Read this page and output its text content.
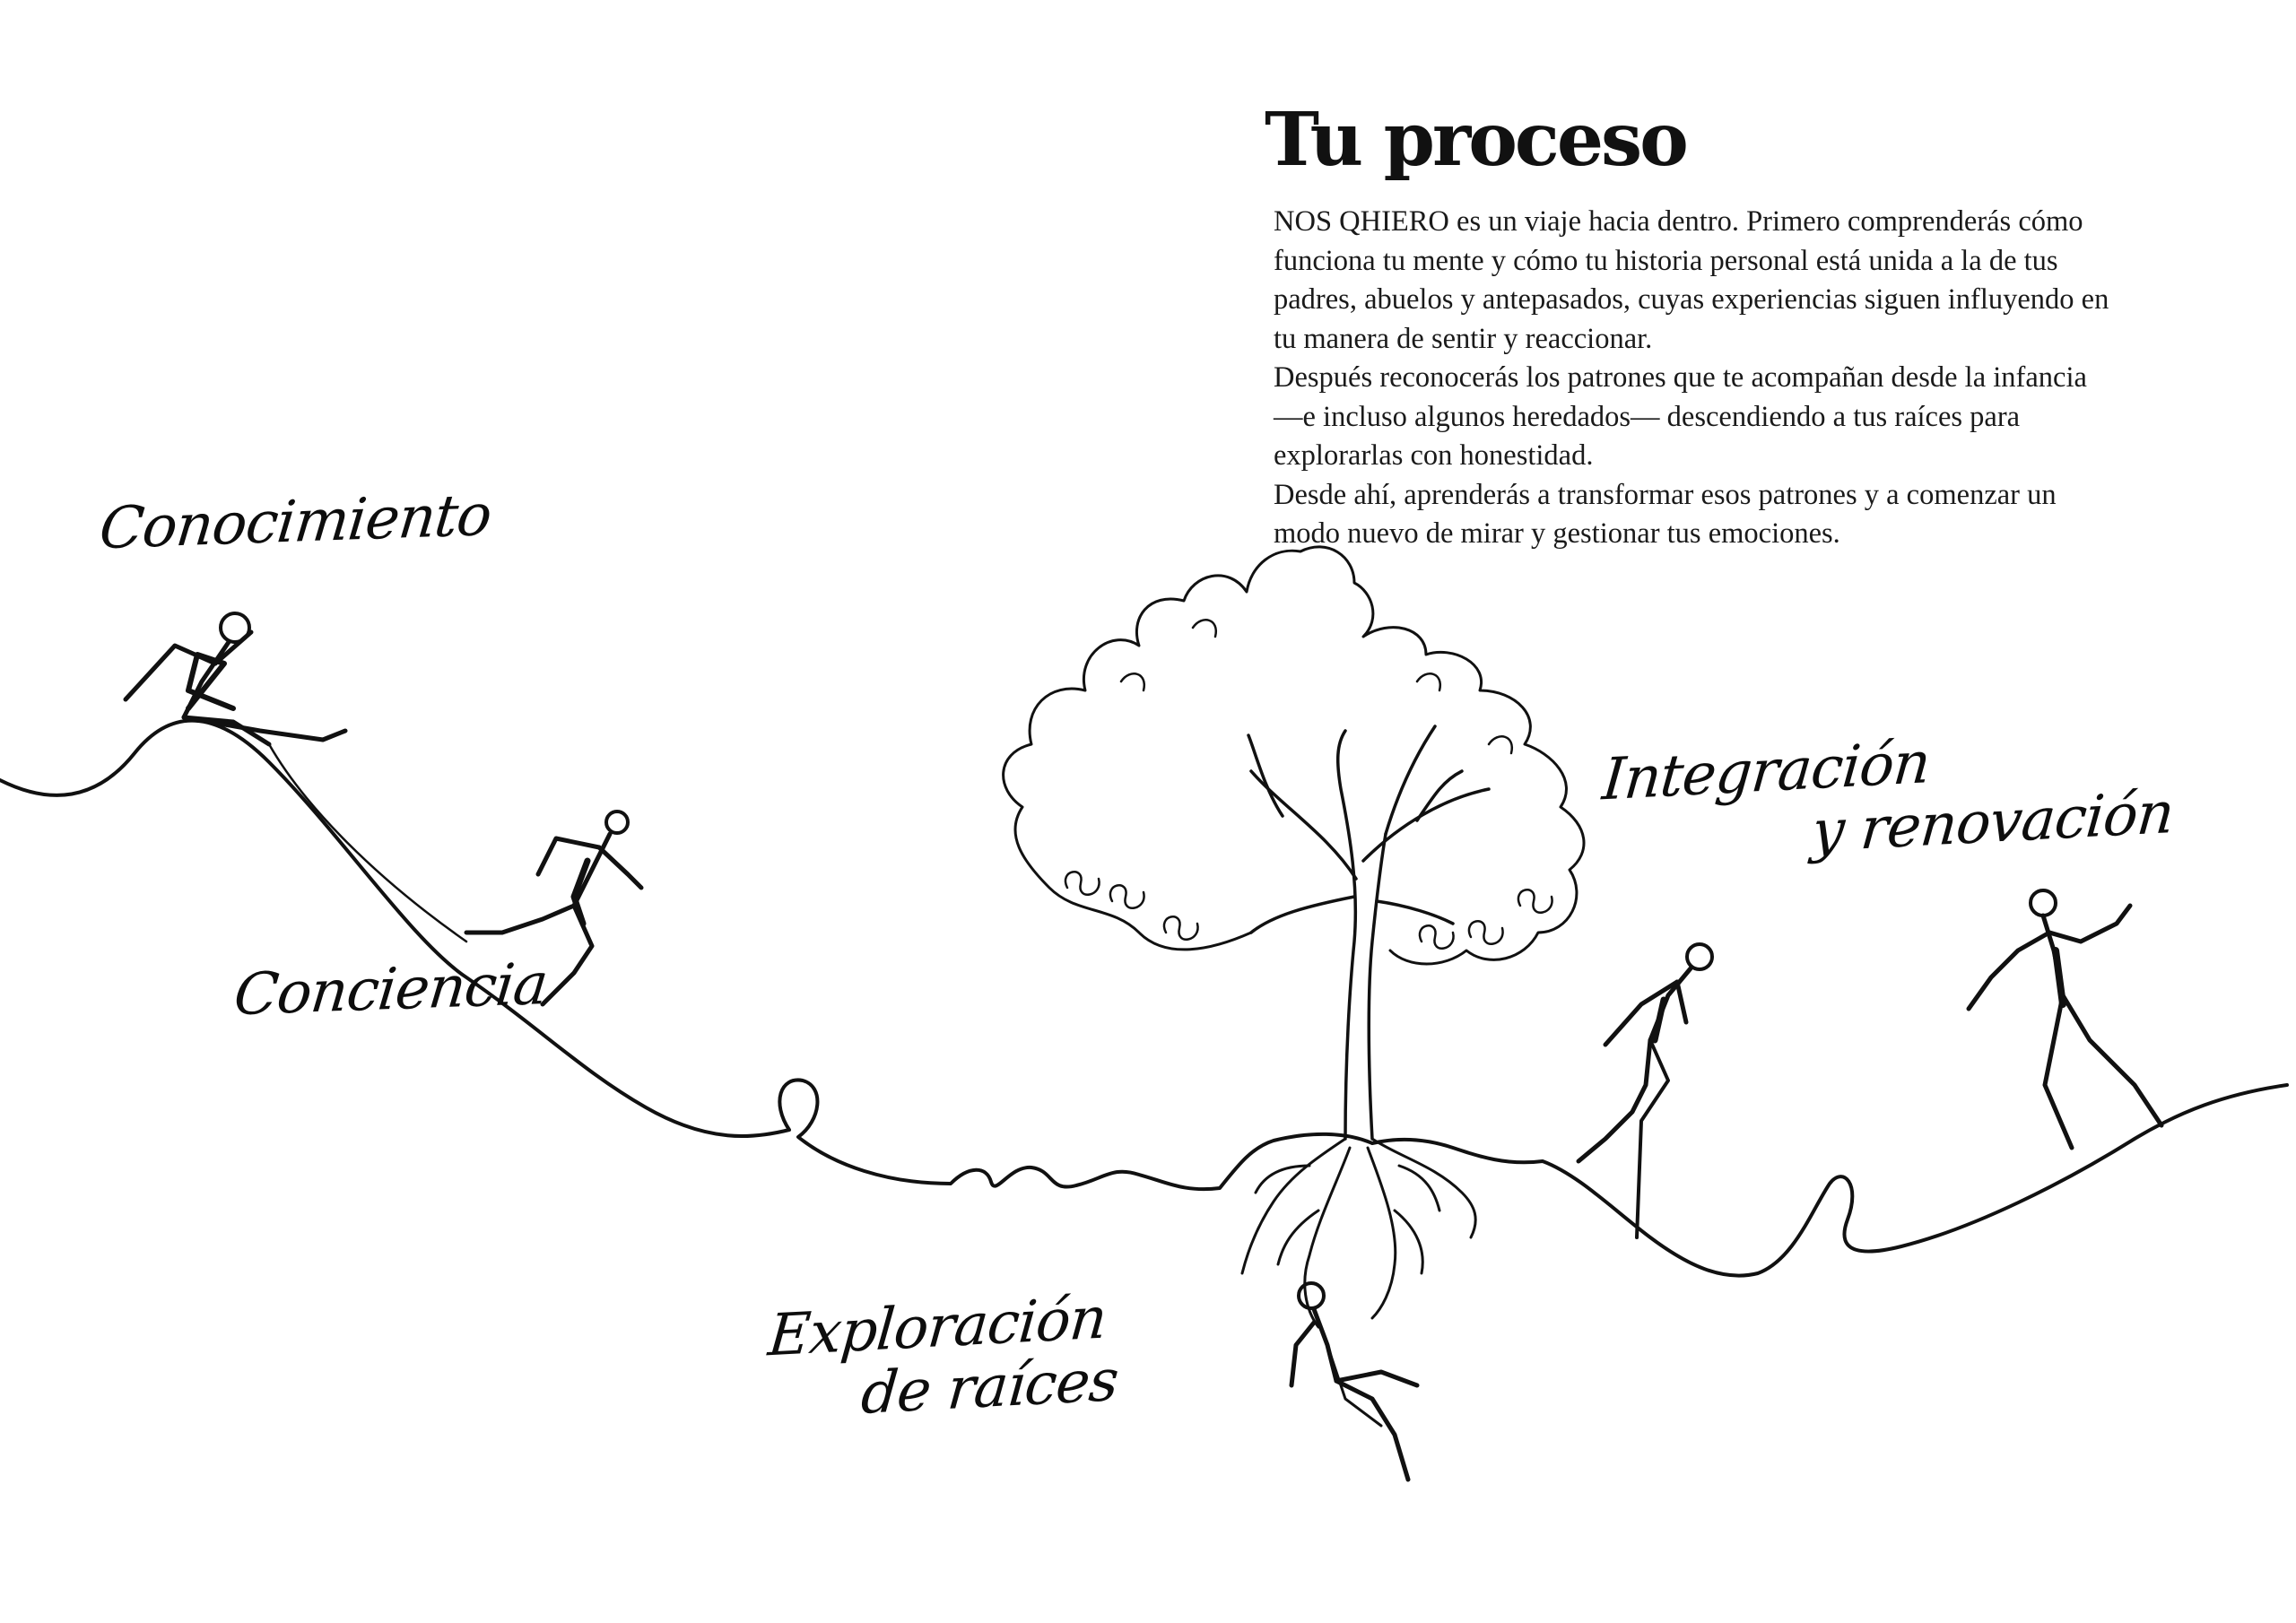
Tu proceso

NOS QHIERO es un viaje hacia dentro. Primero comprenderás cómo

funciona tu mente y cómo tu historia personal está unida a la de tus

padres, abuelos y antepasados, cuyas experiencias siguen influyendo en

tu manera de sentir y reaccionar.

Después reconocerás los patrones que te acompañan desde la infancia

—e incluso algunos heredados— descendiendo a tus raíces para

explorarlas con honestidad.

Desde ahí, aprenderás a transformar esos patrones y a comenzar un

modo nuevo de mirar y gestionar tus emociones.

Conocimiento
Conciencia
Exploración
de raíces
Integración
y renovación
